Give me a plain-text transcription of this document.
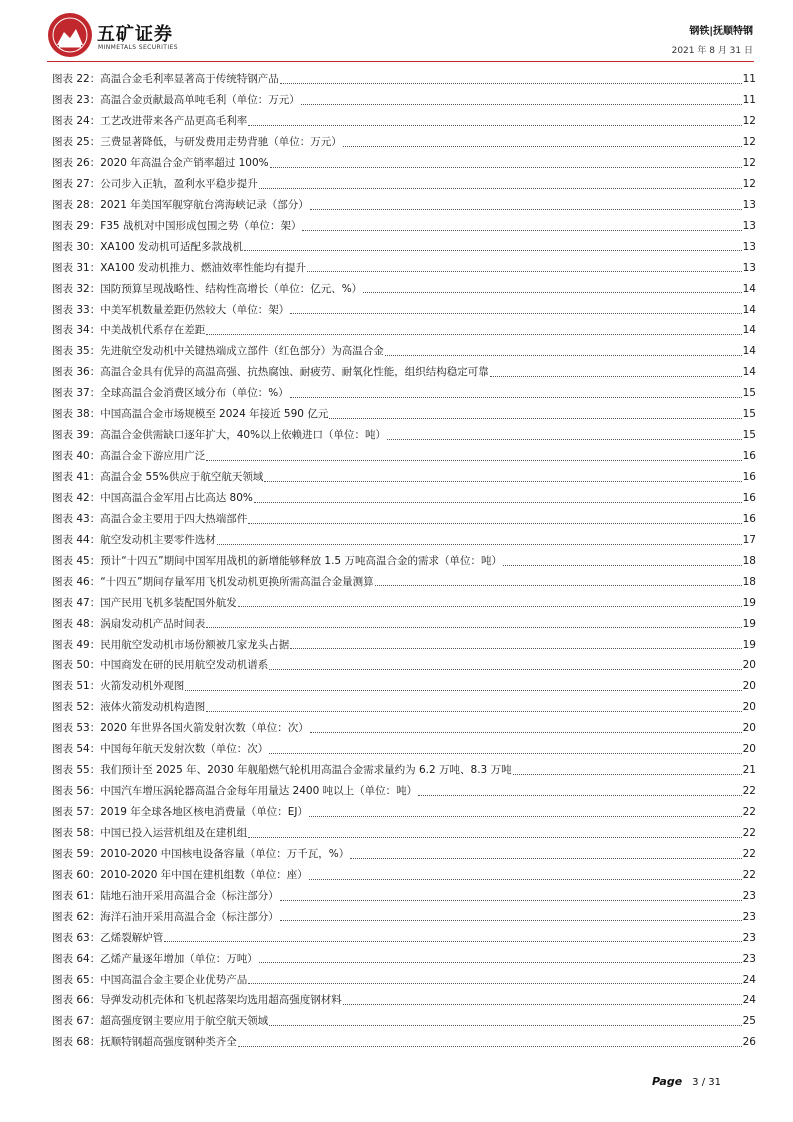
五矿证券
MINMETALS SECURITIES
钢铁|抚顺特钢
2021 年 8 月 31 日
图表 22： 高温合金毛利率显著高于传统特钢产品	11
图表 23： 高温合金贡献最高单吨毛利（单位：万元）	11
图表 24： 工艺改进带来各产品更高毛利率	12
图表 25： 三费显著降低，与研发费用走势背驰（单位：万元）	12
图表 26： 2020 年高温合金产销率超过 100%	12
图表 27： 公司步入正轨，盈利水平稳步提升	12
图表 28： 2021 年美国军舰穿航台湾海峡记录（部分）	13
图表 29： F35 战机对中国形成包围之势（单位：架）	13
图表 30： XA100 发动机可适配多款战机	13
图表 31： XA100 发动机推力、燃油效率性能均有提升	13
图表 32： 国防预算呈现战略性、结构性高增长（单位：亿元、%）	14
图表 33： 中美军机数量差距仍然较大（单位：架）	14
图表 34： 中美战机代系存在差距	14
图表 35： 先进航空发动机中关键热端成立部件（红色部分）为高温合金	14
图表 36： 高温合金具有优异的高温高强、抗热腐蚀、耐疲劳、耐氧化性能，组织结构稳定可靠	14
图表 37： 全球高温合金消费区域分布（单位：%）	15
图表 38： 中国高温合金市场规模至 2024 年接近 590 亿元	15
图表 39： 高温合金供需缺口逐年扩大，40%以上依赖进口（单位：吨）	15
图表 40： 高温合金下游应用广泛	16
图表 41： 高温合金 55%供应于航空航天领域	16
图表 42： 中国高温合金军用占比高达 80%	16
图表 43： 高温合金主要用于四大热端部件	16
图表 44： 航空发动机主要零件选材	17
图表 45： 预计“十四五”期间中国军用战机的新增能够释放 1.5 万吨高温合金的需求（单位：吨）	18
图表 46： “十四五”期间存量军用飞机发动机更换所需高温合金量测算	18
图表 47： 国产民用飞机多装配国外航发	19
图表 48： 涡扇发动机产品时间表	19
图表 49： 民用航空发动机市场份额被几家龙头占据	19
图表 50： 中国商发在研的民用航空发动机谱系	20
图表 51： 火箭发动机外观图	20
图表 52： 液体火箭发动机构造图	20
图表 53： 2020 年世界各国火箭发射次数（单位：次）	20
图表 54： 中国每年航天发射次数（单位：次）	20
图表 55： 我们预计至 2025 年、2030 年舰船燃气轮机用高温合金需求量约为 6.2 万吨、8.3 万吨	21
图表 56： 中国汽车增压涡轮器高温合金每年用量达 2400 吨以上（单位：吨）	22
图表 57： 2019 年全球各地区核电消费量（单位：EJ）	22
图表 58： 中国已投入运营机组及在建机组	22
图表 59： 2010-2020 中国核电设备容量（单位：万千瓦，%）	22
图表 60： 2010-2020 年中国在建机组数（单位：座）	22
图表 61： 陆地石油开采用高温合金（标注部分）	23
图表 62： 海洋石油开采用高温合金（标注部分）	23
图表 63： 乙烯裂解炉管	23
图表 64： 乙烯产量逐年增加（单位：万吨）	23
图表 65： 中国高温合金主要企业优势产品	24
图表 66： 导弹发动机壳体和飞机起落架均选用超高强度钢材料	24
图表 67： 超高强度钢主要应用于航空航天领域	25
图表 68： 抚顺特钢超高强度钢种类齐全	26
Page 3 / 31
